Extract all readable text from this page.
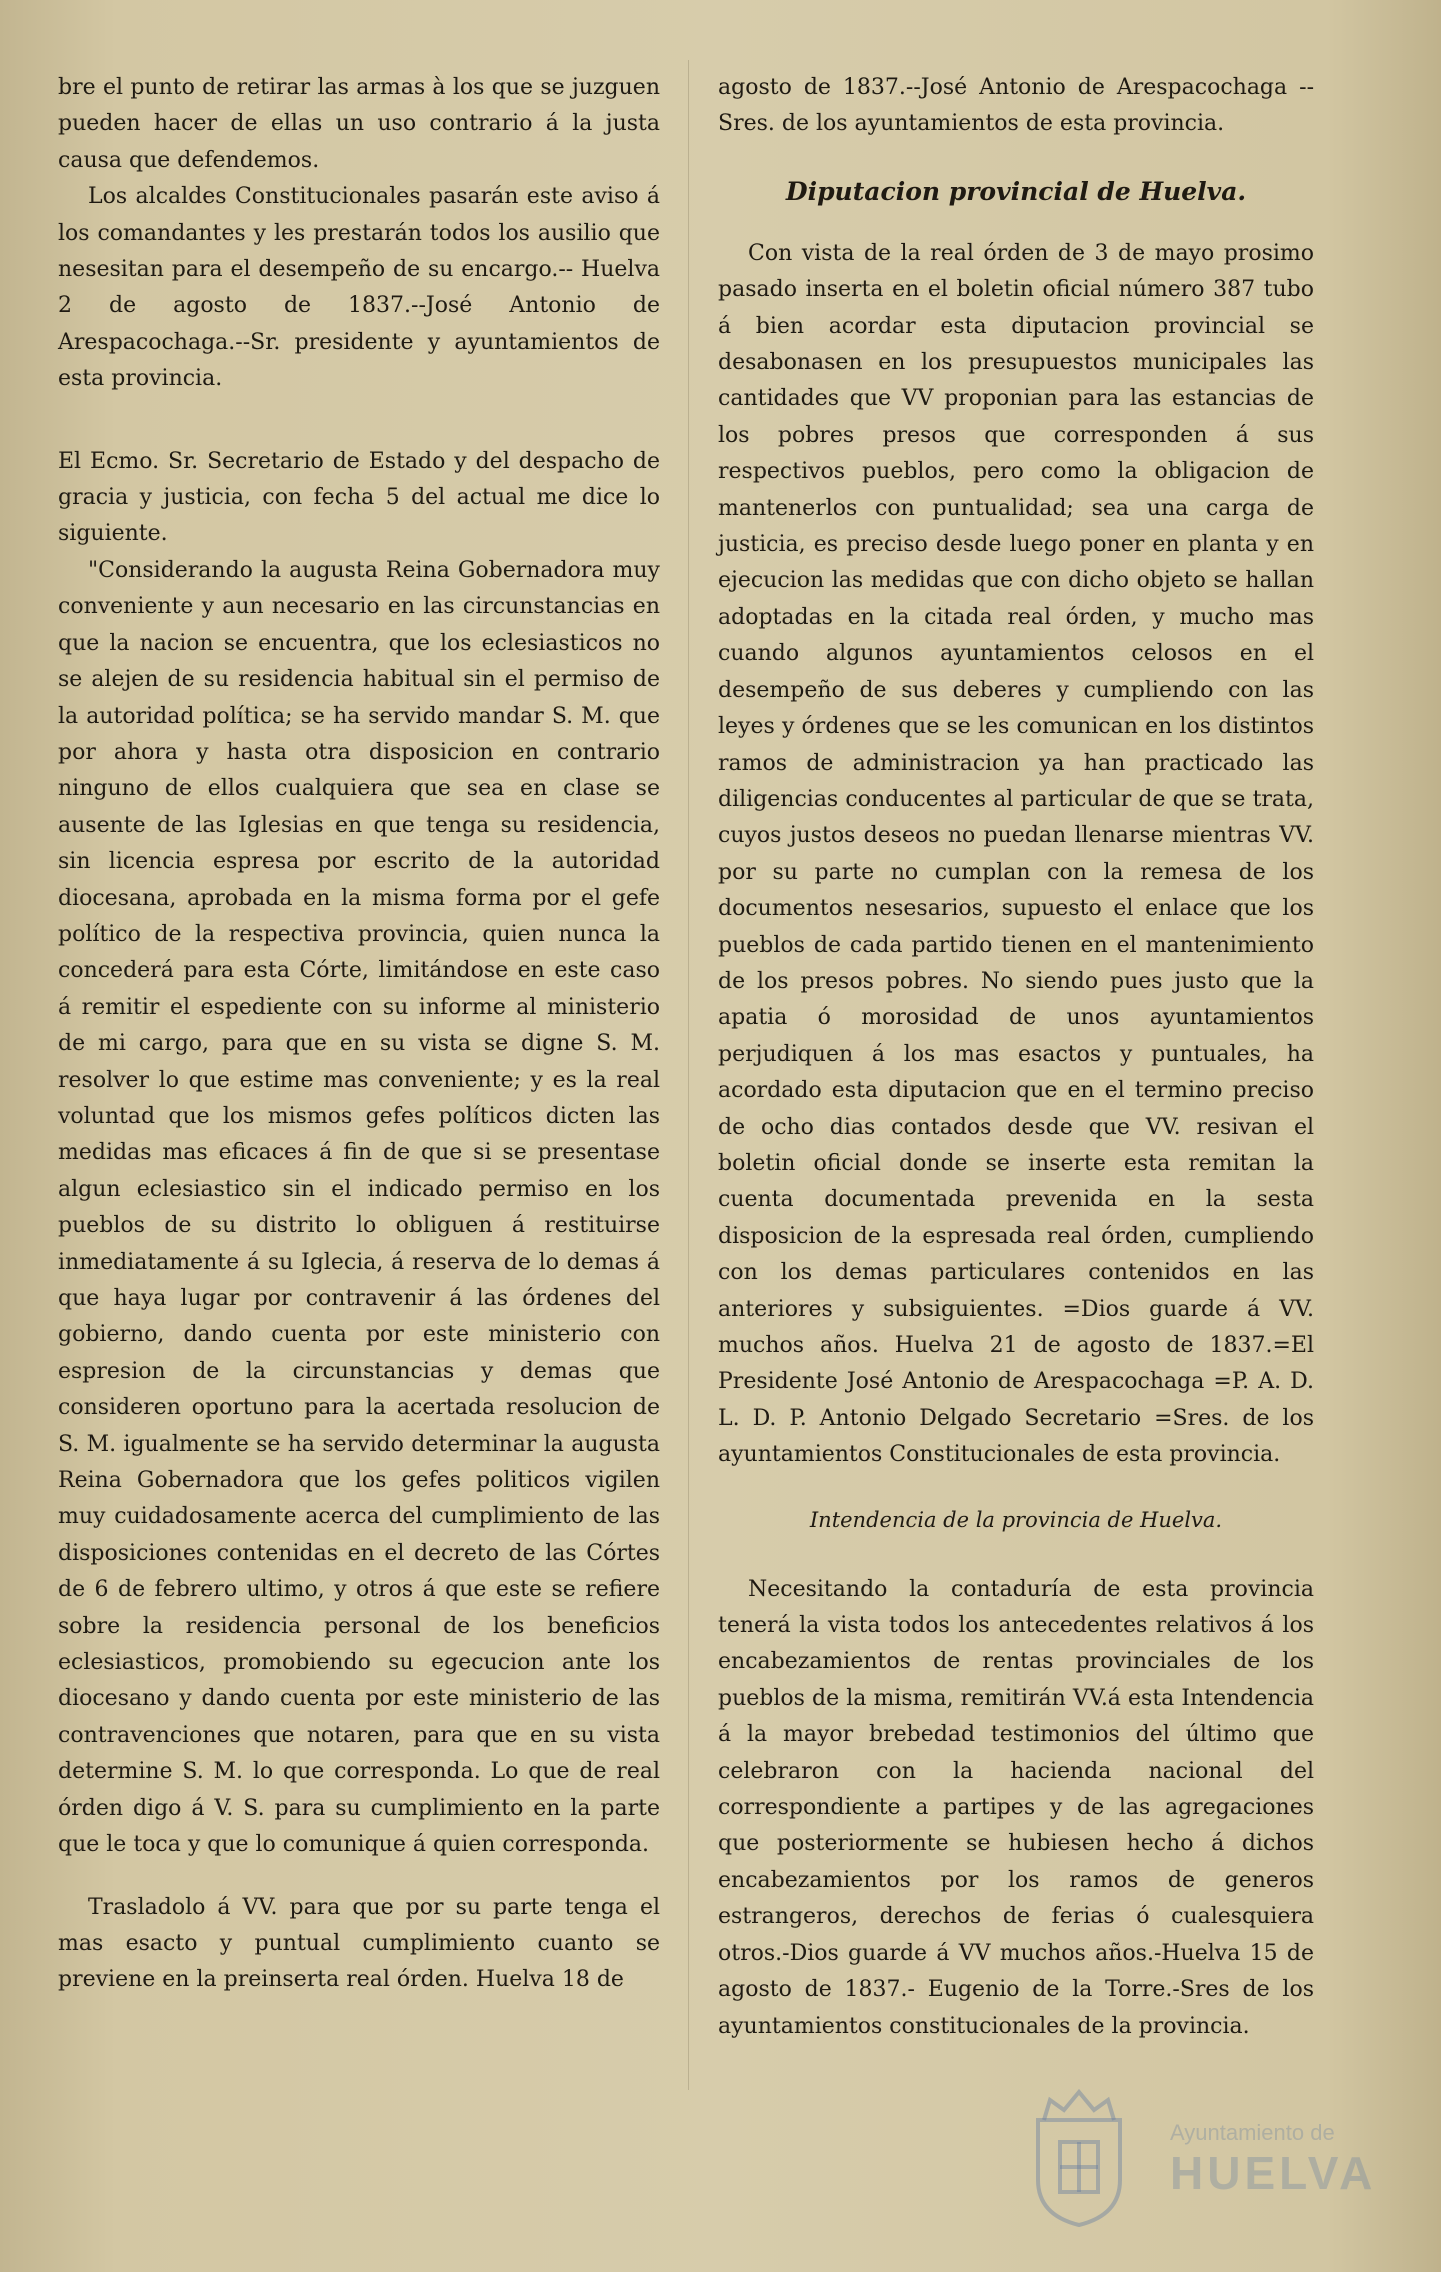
bre el punto de retirar las armas à los que se juzguen pueden hacer de ellas un uso contrario á la justa causa que defendemos.

Los alcaldes Constitucionales pasarán este aviso á los comandantes y les prestarán todos los ausilio que nesesitan para el desempeño de su encargo.-- Huelva 2 de agosto de 1837.--José Antonio de Arespacochaga.--Sr. presidente y ayuntamientos de esta provincia.

El Ecmo. Sr. Secretario de Estado y del despacho de gracia y justicia, con fecha 5 del actual me dice lo siguiente.

"Considerando la augusta Reina Gobernadora muy conveniente y aun necesario en las circunstancias en que la nacion se encuentra, que los eclesiasticos no se alejen de su residencia habitual sin el permiso de la autoridad política; se ha servido mandar S. M. que por ahora y hasta otra disposicion en contrario ninguno de ellos cualquiera que sea en clase se ausente de las Iglesias en que tenga su residencia, sin licencia espresa por escrito de la autoridad diocesana, aprobada en la misma forma por el gefe político de la respectiva provincia, quien nunca la concederá para esta Córte, limitándose en este caso á remitir el espediente con su informe al ministerio de mi cargo, para que en su vista se digne S. M. resolver lo que estime mas conveniente; y es la real voluntad que los mismos gefes políticos dicten las medidas mas eficaces á fin de que si se presentase algun eclesiastico sin el indicado permiso en los pueblos de su distrito lo obliguen á restituirse inmediatamente á su Iglecia, á reserva de lo demas á que haya lugar por contravenir á las órdenes del gobierno, dando cuenta por este ministerio con espresion de la circunstancias y demas que consideren oportuno para la acertada resolucion de S. M. igualmente se ha servido determinar la augusta Reina Gobernadora que los gefes politicos vigilen muy cuidadosamente acerca del cumplimiento de las disposiciones contenidas en el decreto de las Córtes de 6 de febrero ultimo, y otros á que este se refiere sobre la residencia personal de los beneficios eclesiasticos, promobiendo su egecucion ante los diocesano y dando cuenta por este ministerio de las contravenciones que notaren, para que en su vista determine S. M. lo que corresponda. Lo que de real órden digo á V. S. para su cumplimiento en la parte que le toca y que lo comunique á quien corresponda.

Trasladolo á VV. para que por su parte tenga el mas esacto y puntual cumplimiento cuanto se previene en la preinserta real órden. Huelva 18 de

agosto de 1837.--José Antonio de Arespacochaga --Sres. de los ayuntamientos de esta provincia.

Diputacion provincial de Huelva.

Con vista de la real órden de 3 de mayo prosimo pasado inserta en el boletin oficial número 387 tubo á bien acordar esta diputacion provincial se desabonasen en los presupuestos municipales las cantidades que VV proponian para las estancias de los pobres presos que corresponden á sus respectivos pueblos, pero como la obligacion de mantenerlos con puntualidad; sea una carga de justicia, es preciso desde luego poner en planta y en ejecucion las medidas que con dicho objeto se hallan adoptadas en la citada real órden, y mucho mas cuando algunos ayuntamientos celosos en el desempeño de sus deberes y cumpliendo con las leyes y órdenes que se les comunican en los distintos ramos de administracion ya han practicado las diligencias conducentes al particular de que se trata, cuyos justos deseos no puedan llenarse mientras VV. por su parte no cumplan con la remesa de los documentos nesesarios, supuesto el enlace que los pueblos de cada partido tienen en el mantenimiento de los presos pobres. No siendo pues justo que la apatia ó morosidad de unos ayuntamientos perjudiquen á los mas esactos y puntuales, ha acordado esta diputacion que en el termino preciso de ocho dias contados desde que VV. resivan el boletin oficial donde se inserte esta remitan la cuenta documentada prevenida en la sesta disposicion de la espresada real órden, cumpliendo con los demas particulares contenidos en las anteriores y subsiguientes. =Dios guarde á VV. muchos años. Huelva 21 de agosto de 1837.=El Presidente José Antonio de Arespacochaga =P. A. D. L. D. P. Antonio Delgado Secretario =Sres. de los ayuntamientos Constitucionales de esta provincia.

Intendencia de la provincia de Huelva.

Necesitando la contaduría de esta provincia tenerá la vista todos los antecedentes relativos á los encabezamientos de rentas provinciales de los pueblos de la misma, remitirán VV.á esta Intendencia á la mayor brebedad testimonios del último que celebraron con la hacienda nacional del correspondiente a partipes y de las agregaciones que posteriormente se hubiesen hecho á dichos encabezamientos por los ramos de generos estrangeros, derechos de ferias ó cualesquiera otros.-Dios guarde á VV muchos años.-Huelva 15 de agosto de 1837.- Eugenio de la Torre.-Sres de los ayuntamientos constitucionales de la provincia.

Ayuntamiento de
HUELVA
